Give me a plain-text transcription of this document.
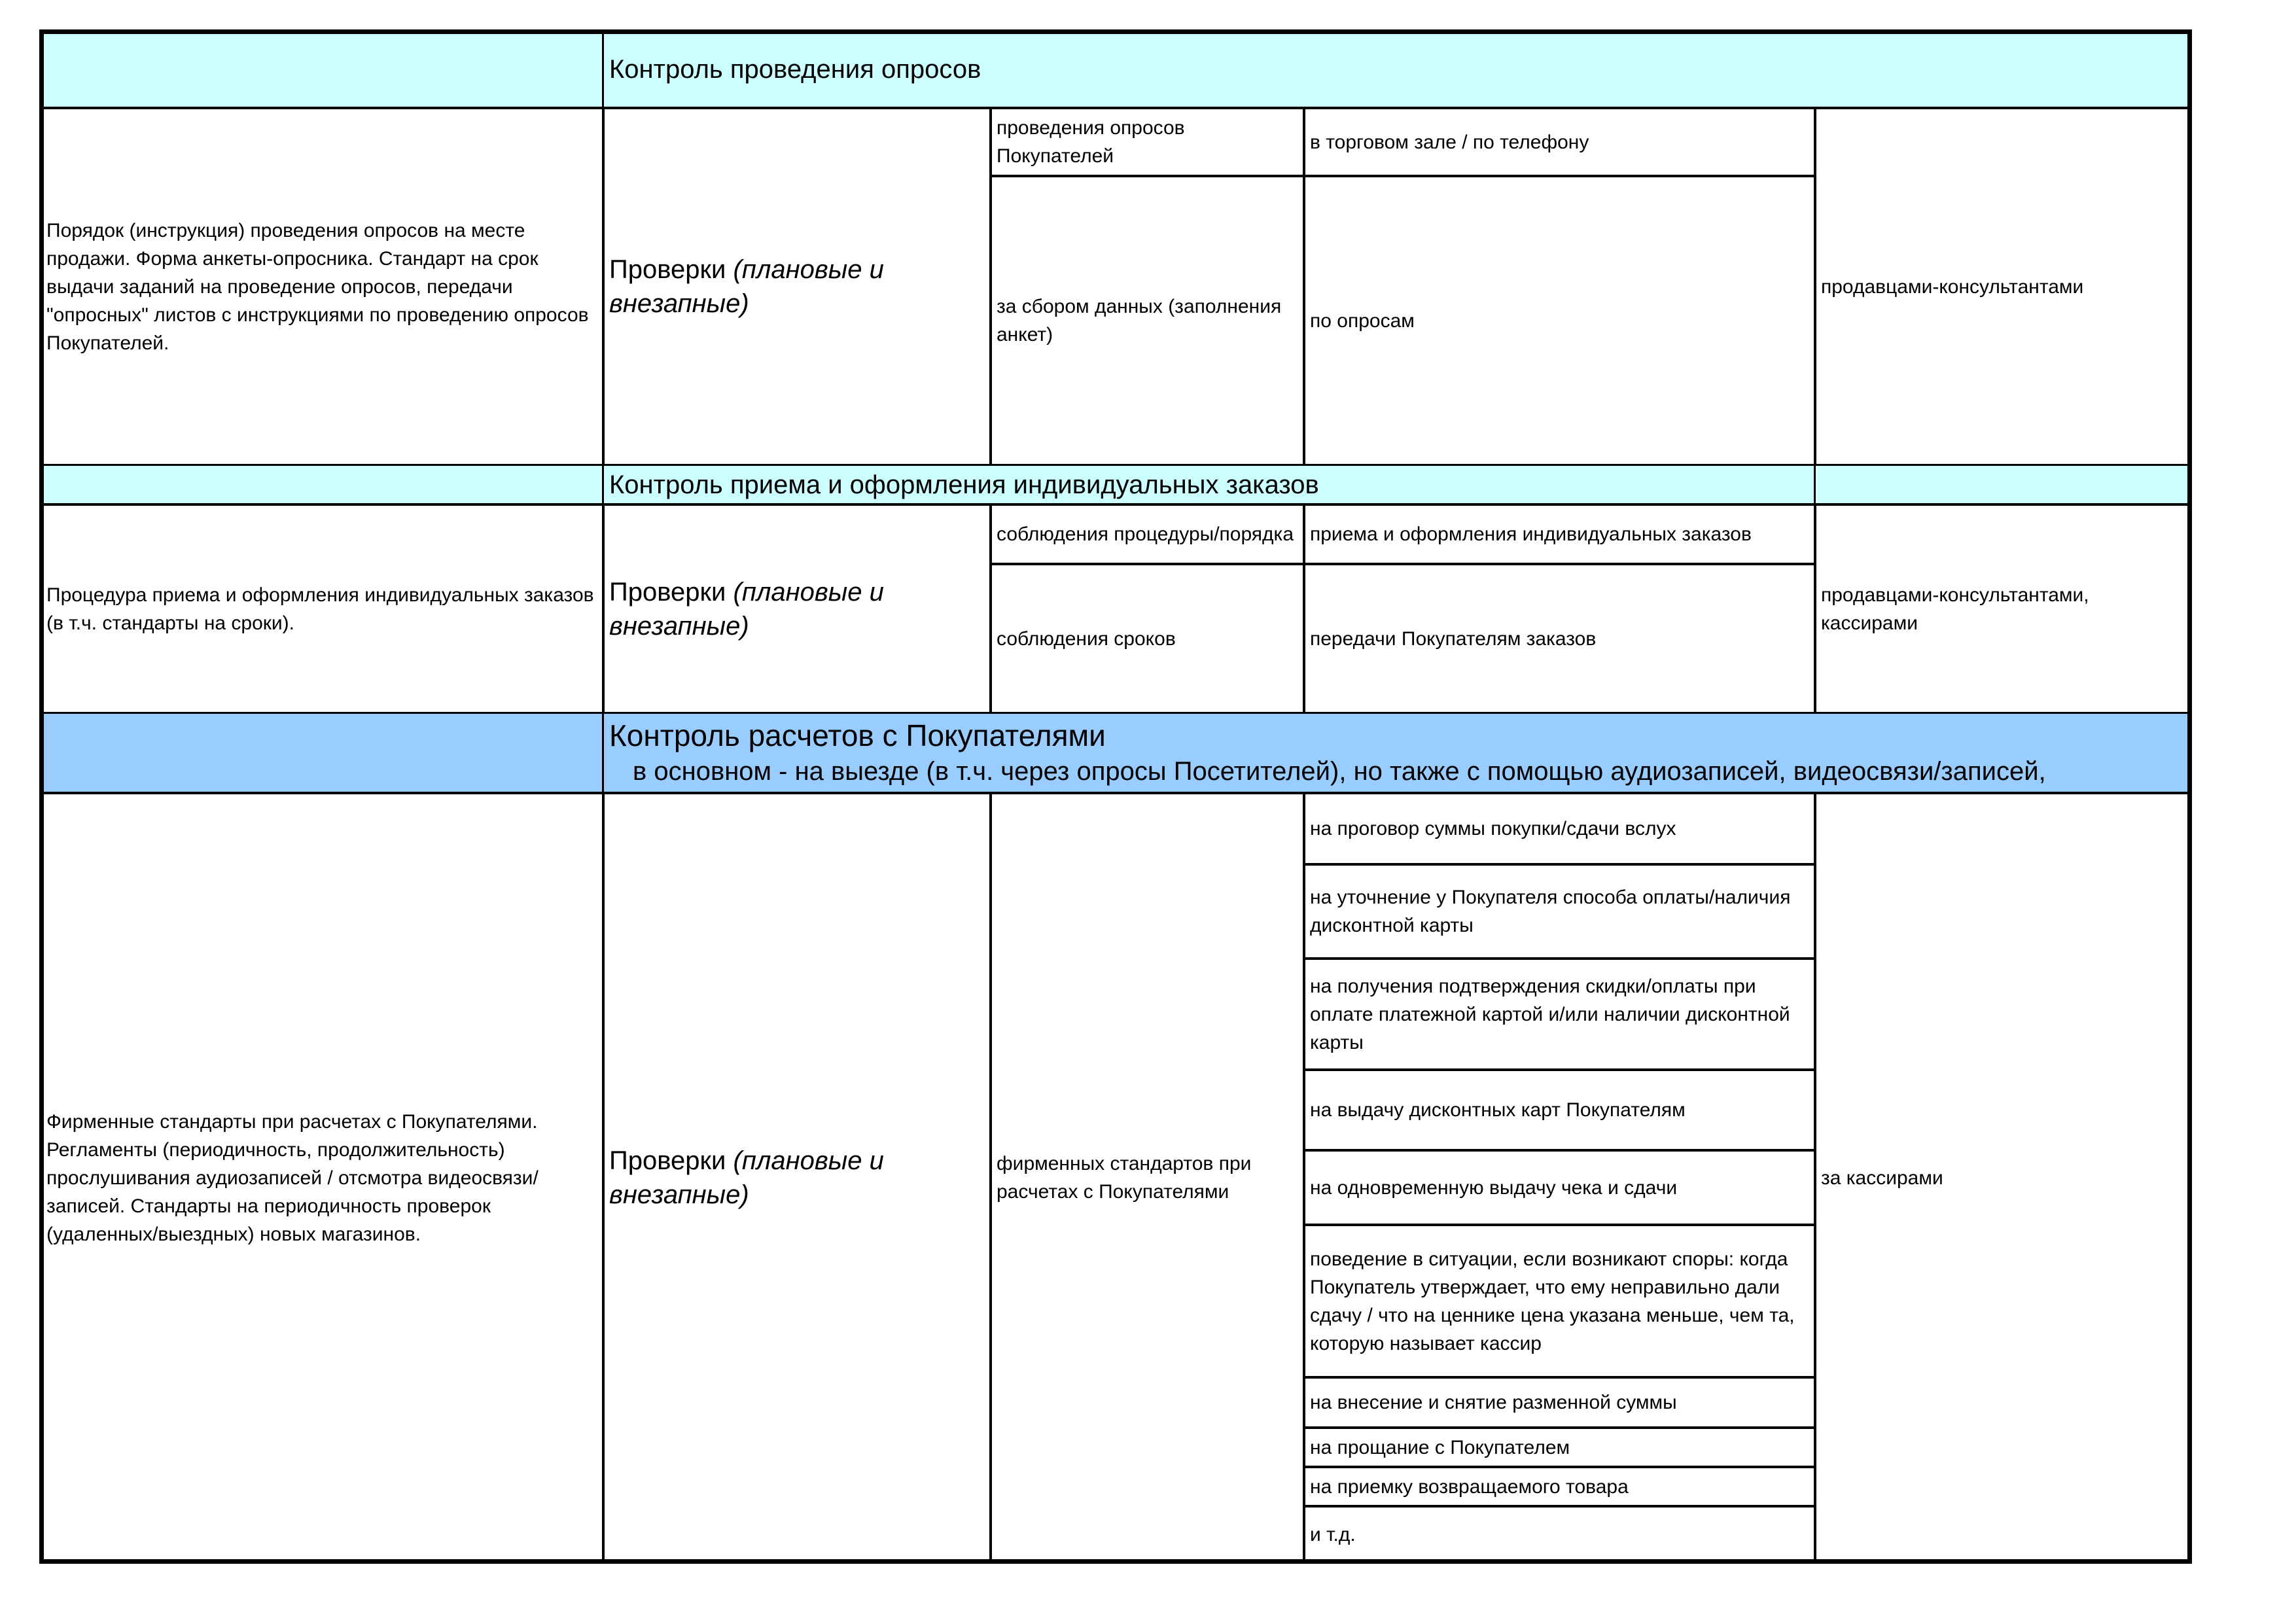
Контроль проведения опросов
Порядок (инструкция) проведения опросов на месте продажи. Форма анкеты-опросника. Стандарт на срок выдачи заданий на проведение опросов, передачи "опросных" листов с инструкциями по проведению опросов Покупателей.
Проверки (плановые и внезапные)
проведения опросов Покупателей
за сбором данных (заполнения анкет)
в торговом зале / по телефону
по опросам
продавцами-консультантами
Контроль приема и оформления индивидуальных заказов
Процедура приема и оформления индивидуальных заказов (в т.ч. стандарты на сроки).
Проверки (плановые и внезапные)
соблюдения процедуры/порядка
соблюдения сроков
приема и оформления индивидуальных заказов
передачи Покупателям заказов
продавцами-консультантами, кассирами
Контроль расчетов с Покупателями
в основном - на выезде (в т.ч. через опросы Посетителей), но также с помощью аудиозаписей, видеосвязи/записей,
Фирменные стандарты при расчетах с Покупателями. Регламенты (периодичность, продолжительность) прослушивания аудиозаписей / отсмотра видеосвязи/записей. Стандарты на периодичность проверок (удаленных/выездных) новых магазинов.
Проверки (плановые и внезапные)
фирменных стандартов при расчетах с Покупателями
на проговор суммы покупки/сдачи вслух
на уточнение у Покупателя способа оплаты/наличия дисконтной карты
на получения подтверждения скидки/оплаты при оплате платежной картой и/или наличии дисконтной карты
на выдачу дисконтных карт Покупателям
на одновременную выдачу чека и сдачи
поведение в ситуации, если возникают споры: когда Покупатель утверждает, что ему неправильно дали сдачу / что на ценнике цена указана меньше, чем та, которую называет кассир
на внесение и снятие разменной суммы
на прощание с Покупателем
на приемку возвращаемого товара
и т.д.
за кассирами
